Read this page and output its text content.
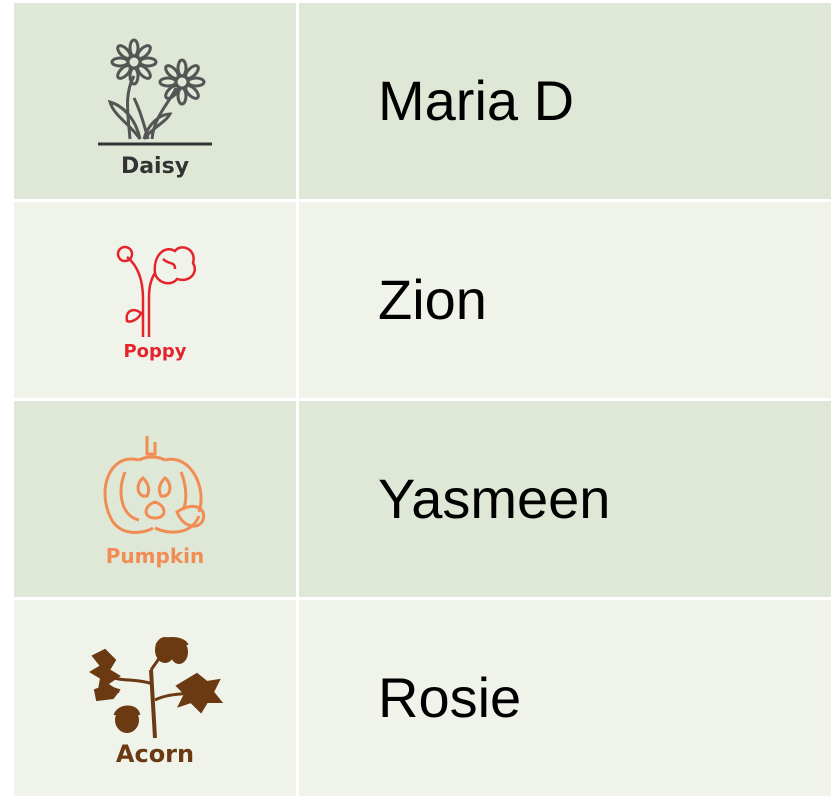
Daisy
Maria D
Poppy
Zion
Pumpkin
Yasmeen
Acorn
Rosie
